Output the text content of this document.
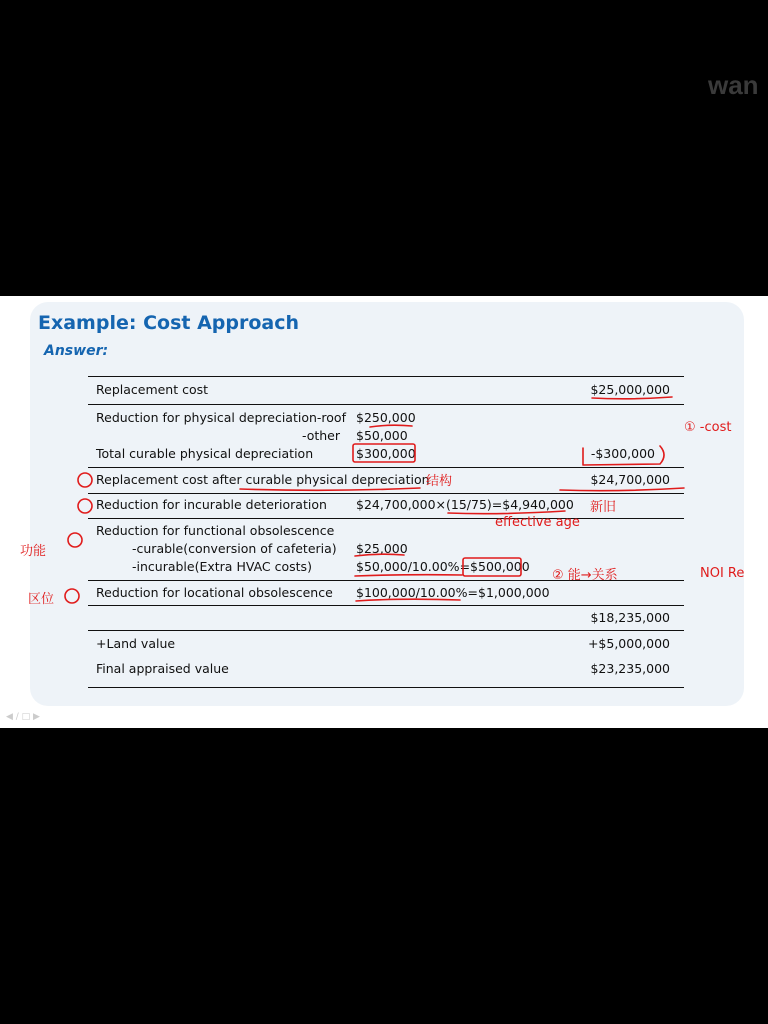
wan
Example: Cost Approach
Answer:
Replacement cost	$25,000,000
Reduction for physical depreciation-roof $250,000
-other $50,000
Total curable physical depreciation	$300,000	-$300,000
Replacement cost after curable physical depreciation	$24,700,000
Reduction for incurable deterioration $24,700,000×(15/75)=$4,940,000
Reduction for functional obsolescence
-curable(conversion of cafeteria) $25,000
-incurable(Extra HVAC costs)	$50,000/10.00%=$500,000
Reduction for locational obsolescence $100,000/10.00%=$1,000,000
$18,235,000
+Land value	+$5,000,000
Final appraised value	$23,235,000
① -cost
结构
新旧
effective age
功能
② 能→关系	NOI Re
区位
◀ ∕ □ ▶
